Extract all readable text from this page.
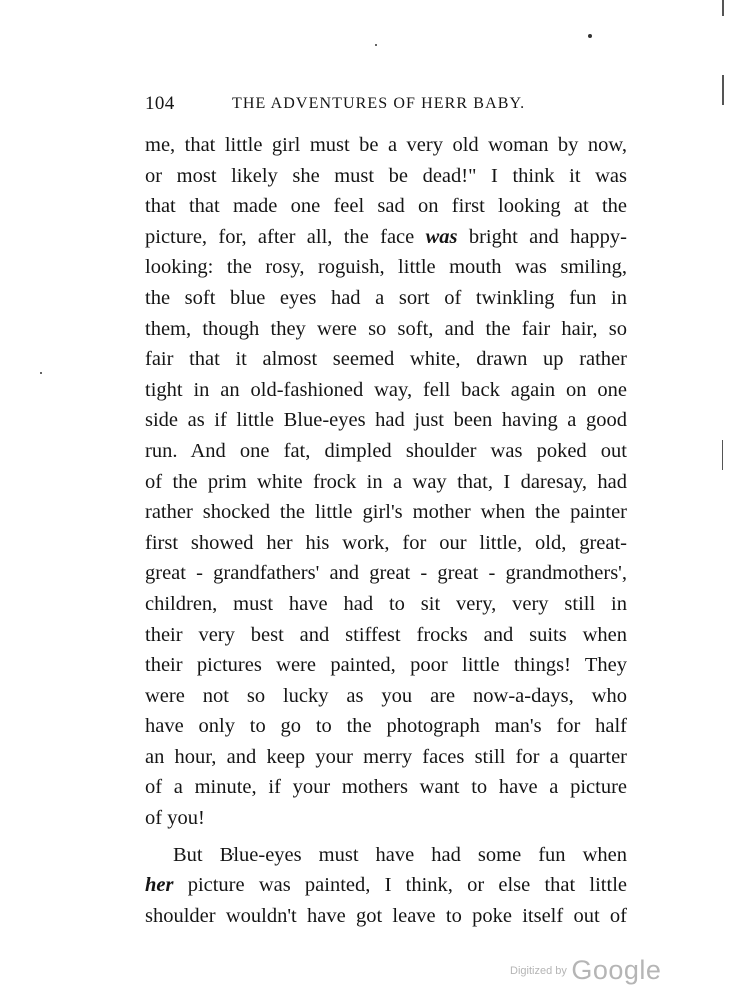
104	THE ADVENTURES OF HERR BABY.
me, that little girl must be a very old woman by now,
or most likely she must be dead!" I think it was
that that made one feel sad on first looking at the
picture, for, after all, the face was bright and happy-
looking: the rosy, roguish, little mouth was smiling,
the soft blue eyes had a sort of twinkling fun in
them, though they were so soft, and the fair hair, so
fair that it almost seemed white, drawn up rather
tight in an old-fashioned way, fell back again on one
side as if little Blue-eyes had just been having a good
run. And one fat, dimpled shoulder was poked out
of the prim white frock in a way that, I daresay, had
rather shocked the little girl's mother when the painter
first showed her his work, for our little, old, great-
great - grandfathers' and great - great - grandmothers',
children, must have had to sit very, very still in
their very best and stiffest frocks and suits when
their pictures were painted, poor little things! They
were not so lucky as you are now-a-days, who
have only to go to the photograph man's for half
an hour, and keep your merry faces still for a quarter
of a minute, if your mothers want to have a picture
of you!
But Blue-eyes must have had some fun when
her picture was painted, I think, or else that little
shoulder wouldn't have got leave to poke itself out of
$^{Digitized by}$ Google
